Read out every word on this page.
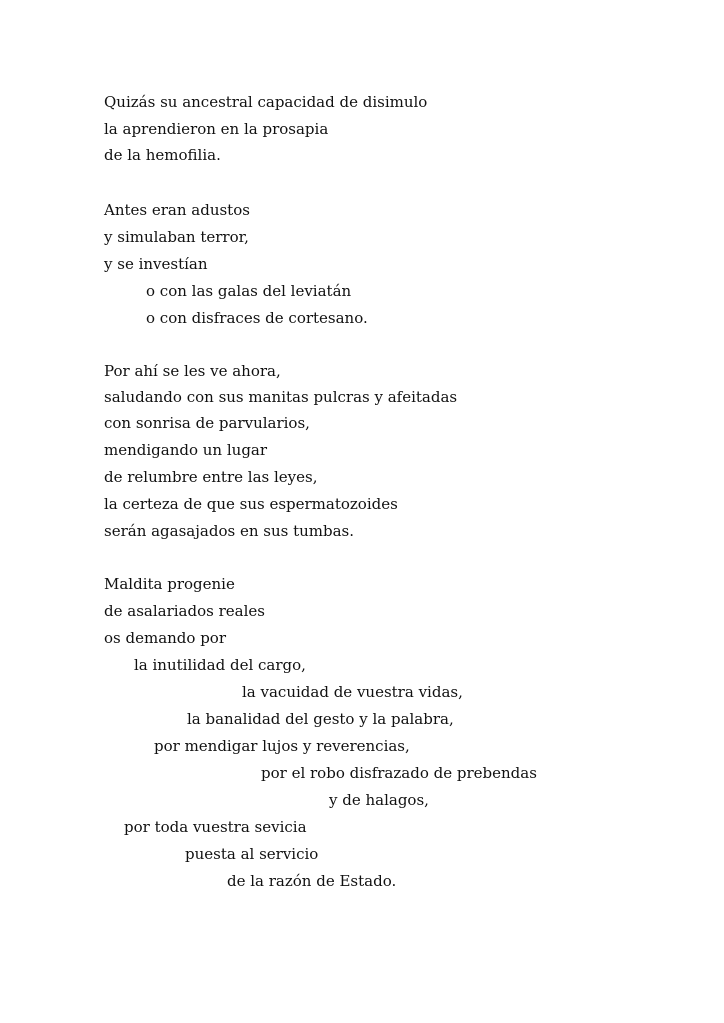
Quizás su ancestral capacidad de disimulo
la aprendieron en la prosapia
de la hemofilia.
Antes eran adustos
y simulaban terror,
y se investían
o con las galas del leviatán
o con disfraces de cortesano.
Por ahí se les ve ahora,
saludando con sus manitas pulcras y afeitadas
con sonrisa de parvularios,
mendigando un lugar
de relumbre entre las leyes,
la certeza de que sus espermatozoides
serán agasajados en sus tumbas.
Maldita progenie
de asalariados reales
os demando por
la inutilidad del cargo,
la vacuidad de vuestra vidas,
la banalidad del gesto y la palabra,
por mendigar lujos y reverencias,
por el robo disfrazado de prebendas
y de halagos,
por toda vuestra sevicia
puesta al servicio
de la razón de Estado.
